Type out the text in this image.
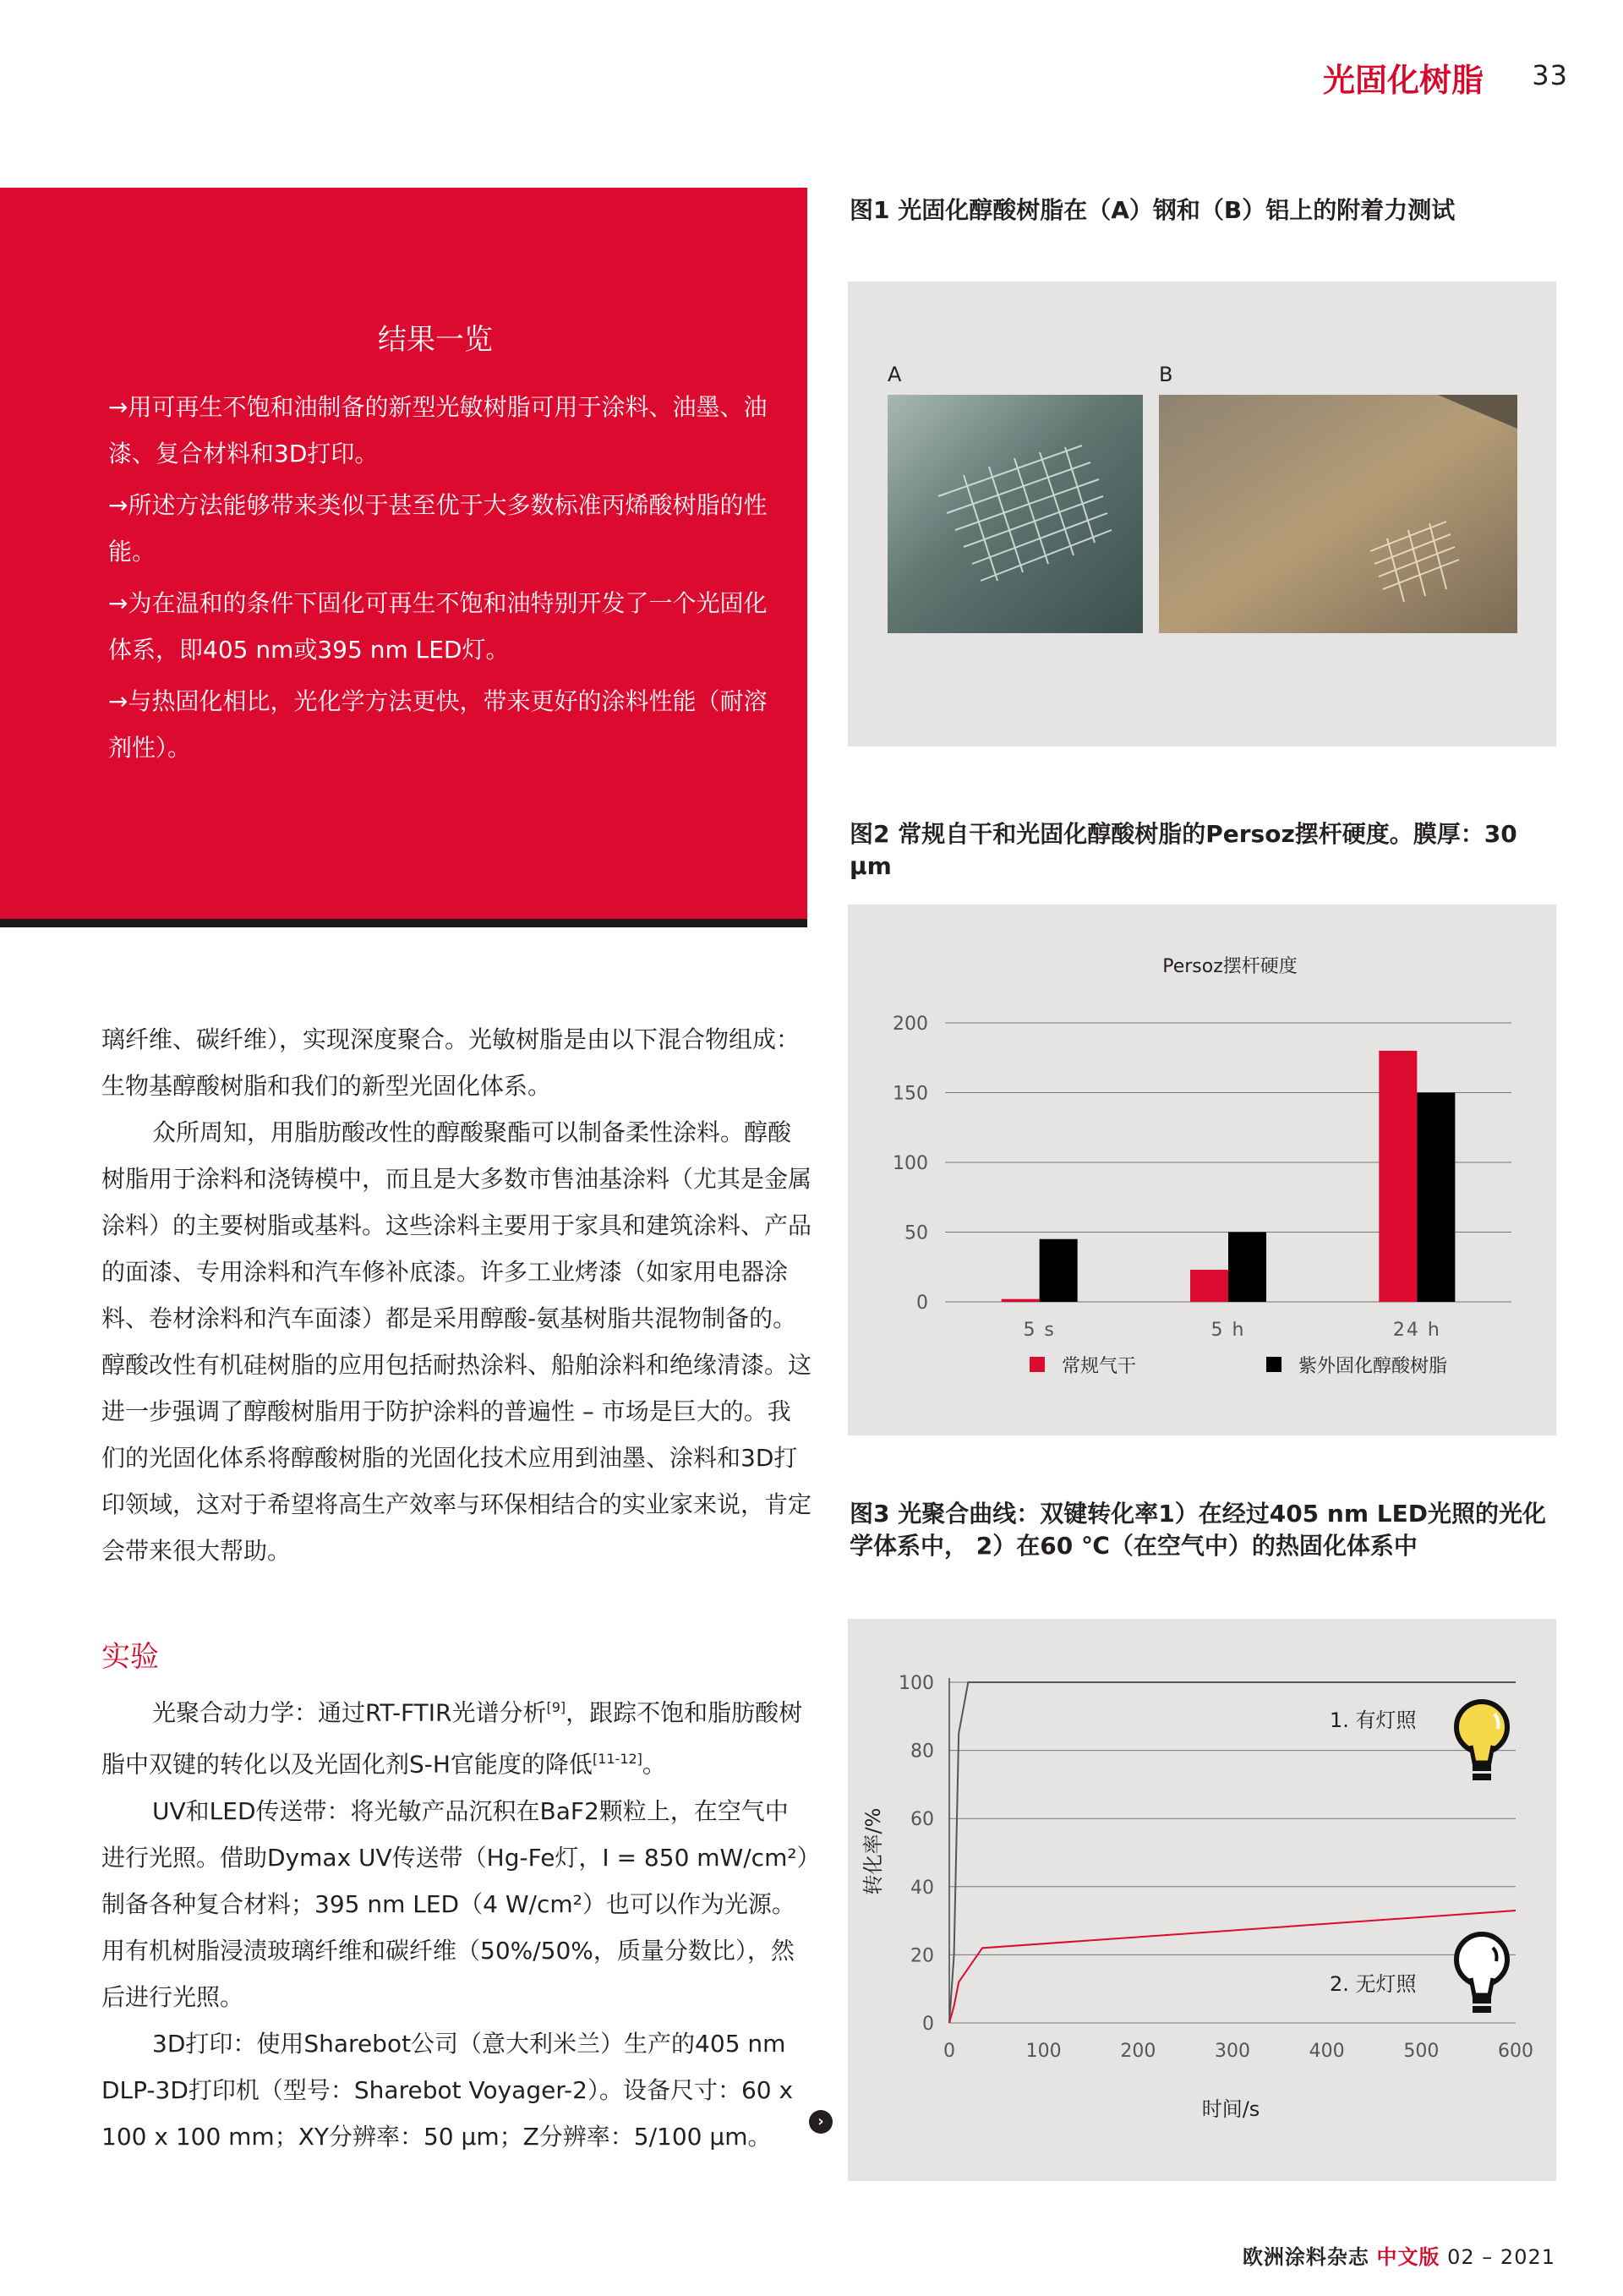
光固化树脂 33
结果一览
→用可再生不饱和油制备的新型光敏树脂可用于涂料、油墨、油漆、复合材料和3D打印。
→所述方法能够带来类似于甚至优于大多数标准丙烯酸树脂的性能。
→为在温和的条件下固化可再生不饱和油特别开发了一个光固化体系，即405 nm或395 nm LED灯。
→与热固化相比，光化学方法更快，带来更好的涂料性能（耐溶剂性）。

璃纤维、碳纤维），实现深度聚合。光敏树脂是由以下混合物组成：生物基醇酸树脂和我们的新型光固化体系。

众所周知，用脂肪酸改性的醇酸聚酯可以制备柔性涂料。醇酸树脂用于涂料和浇铸模中，而且是大多数市售油基涂料（尤其是金属涂料）的主要树脂或基料。这些涂料主要用于家具和建筑涂料、产品的面漆、专用涂料和汽车修补底漆。许多工业烤漆（如家用电器涂料、卷材涂料和汽车面漆）都是采用醇酸-氨基树脂共混物制备的。 醇酸改性有机硅树脂的应用包括耐热涂料、船舶涂料和绝缘清漆。这进一步强调了醇酸树脂用于防护涂料的普遍性 – 市场是巨大的。我们的光固化体系将醇酸树脂的光固化技术应用到油墨、涂料和3D打印领域，这对于希望将高生产效率与环保相结合的实业家来说，肯定会带来很大帮助。

实验

光聚合动力学：通过RT-FTIR光谱分析[9]，跟踪不饱和脂肪酸树脂中双键的转化以及光固化剂S-H官能度的降低[11-12]。

UV和LED传送带：将光敏产品沉积在BaF2颗粒上，在空气中进行光照。借助Dymax UV传送带（Hg-Fe灯，I = 850 mW/cm²）制备各种复合材料；395 nm LED（4 W/cm²）也可以作为光源。用有机树脂浸渍玻璃纤维和碳纤维（50%/50%，质量分数比），然后进行光照。

3D打印：使用Sharebot公司（意大利米兰）生产的405 nm DLP-3D打印机（型号：Sharebot Voyager-2）。设备尺寸：60 x 100 x 100 mm；XY分辨率：50 μm；Z分辨率：5/100 μm。

›
图1 光固化醇酸树脂在（A）钢和（B）铝上的附着力测试
A	B
图2 常规自干和光固化醇酸树脂的Persoz摆杆硬度。膜厚：30 μm
Persoz摆杆硬度
0
50
100
150
200
5 s	5 h	24 h
常规气干	紫外固化醇酸树脂
图3 光聚合曲线：双键转化率1）在经过405 nm LED光照的光化学体系中， 2）在60 ℃（在空气中）的热固化体系中
0
20
40
60
80
100
0	100	200	300	400	500	600
时间/s
转化率/%
1. 有灯照
2. 无灯照
欧洲涂料杂志 中文版 02 – 2021
